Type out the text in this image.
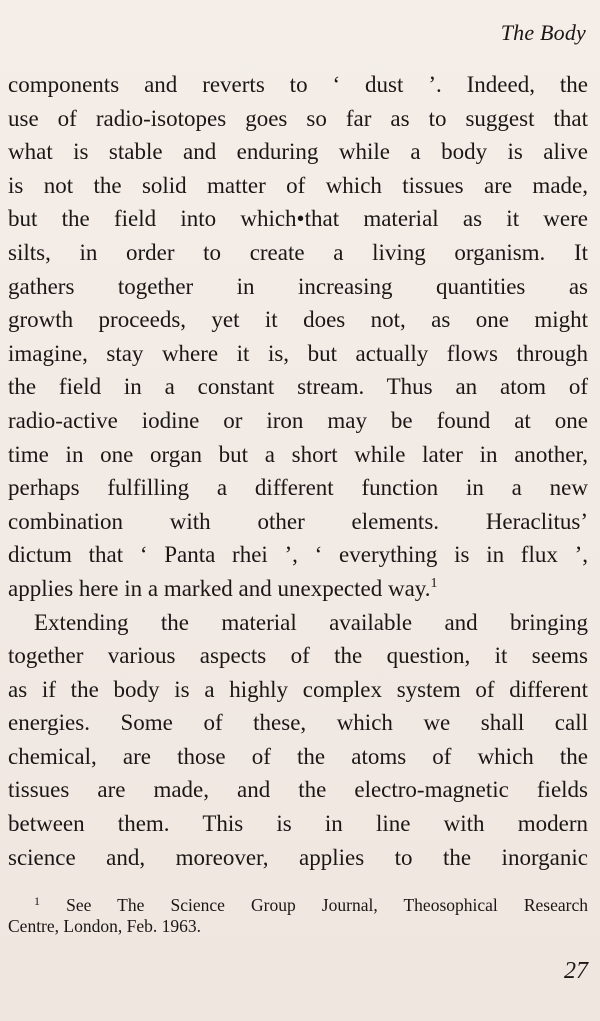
The Body
components and reverts to ‘ dust ’. Indeed, the
use of radio-isotopes goes so far as to suggest that
what is stable and enduring while a body is alive
is not the solid matter of which tissues are made,
but the field into which•that material as it were
silts, in order to create a living organism. It
gathers together in increasing quantities as
growth proceeds, yet it does not, as one might
imagine, stay where it is, but actually flows through
the field in a constant stream. Thus an atom of
radio-active iodine or iron may be found at one
time in one organ but a short while later in another,
perhaps fulfilling a different function in a new
combination with other elements. Heraclitus’
dictum that ‘ Panta rhei ’, ‘ everything is in flux ’,
applies here in a marked and unexpected way.$^1$
Extending the material available and bringing
together various aspects of the question, it seems
as if the body is a highly complex system of different
energies. Some of these, which we shall call
chemical, are those of the atoms of which the
tissues are made, and the electro-magnetic fields
between them. This is in line with modern
science and, moreover, applies to the inorganic
$^1$ See The Science Group Journal, Theosophical Research
Centre, London, Feb. 1963.
27
